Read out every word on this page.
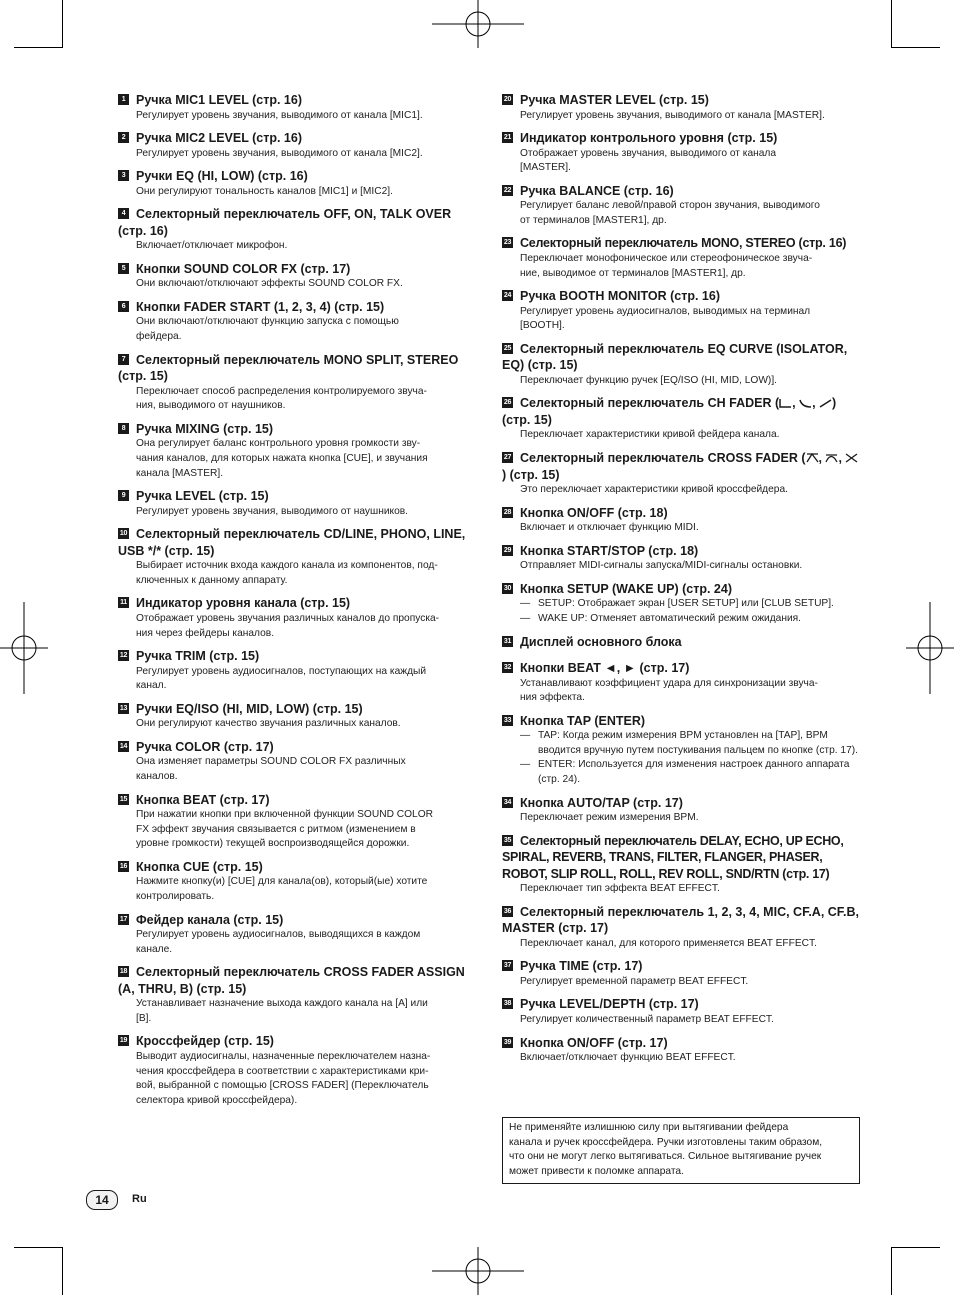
1 Ручка MIC1 LEVEL (стр. 16)
Регулирует уровень звучания, выводимого от канала [MIC1].
2 Ручка MIC2 LEVEL (стр. 16)
Регулирует уровень звучания, выводимого от канала [MIC2].
3 Ручки EQ (HI, LOW) (стр. 16)
Они регулируют тональность каналов [MIC1] и [MIC2].
4 Селекторный переключатель OFF, ON, TALK OVER (стр. 16)
Включает/отключает микрофон.
5 Кнопки SOUND COLOR FX (стр. 17)
Они включают/отключают эффекты SOUND COLOR FX.
6 Кнопки FADER START (1, 2, 3, 4) (стр. 15)
Они включают/отключают функцию запуска с помощью
фейдера.
7 Селекторный переключатель MONO SPLIT, STEREO (стр. 15)
Переключает способ распределения контролируемого звуча-
ния, выводимого от наушников.
8 Ручка MIXING (стр. 15)
Она регулирует баланс контрольного уровня громкости зву-
чания каналов, для которых нажата кнопка [CUE], и звучания
канала [MASTER].
9 Ручка LEVEL (стр. 15)
Регулирует уровень звучания, выводимого от наушников.
10 Селекторный переключатель CD/LINE, PHONO, LINE, USB */* (стр. 15)
Выбирает источник входа каждого канала из компонентов, под-
ключенных к данному аппарату.
11 Индикатор уровня канала (стр. 15)
Отображает уровень звучания различных каналов до пропуска-
ния через фейдеры каналов.
12 Ручка TRIM (стр. 15)
Регулирует уровень аудиосигналов, поступающих на каждый
канал.
13 Ручки EQ/ISO (HI, MID, LOW) (стр. 15)
Они регулируют качество звучания различных каналов.
14 Ручка COLOR (стр. 17)
Она изменяет параметры SOUND COLOR FX различных
каналов.
15 Кнопка BEAT (стр. 17)
При нажатии кнопки при включенной функции SOUND COLOR
FX эффект звучания связывается с ритмом (изменением в
уровне громкости) текущей воспроизводящейся дорожки.
16 Кнопка CUE (стр. 15)
Нажмите кнопку(и) [CUE] для канала(ов), который(ые) хотите
контролировать.
17 Фейдер канала (стр. 15)
Регулирует уровень аудиосигналов, выводящихся в каждом
канале.
18 Селекторный переключатель CROSS FADER ASSIGN (A, THRU, B) (стр. 15)
Устанавливает назначение выхода каждого канала на [A] или
[B].
19 Кроссфейдер (стр. 15)
Выводит аудиосигналы, назначенные переключателем назна-
чения кроссфейдера в соответствии с характеристиками кри-
вой, выбранной с помощью [CROSS FADER] (Переключатель
селектора кривой кроссфейдера).
20 Ручка MASTER LEVEL (стр. 15)
Регулирует уровень звучания, выводимого от канала [MASTER].
21 Индикатор контрольного уровня (стр. 15)
Отображает уровень звучания, выводимого от канала
[MASTER].
22 Ручка BALANCE (стр. 16)
Регулирует баланс левой/правой сторон звучания, выводимого
от терминалов [MASTER1], др.
23 Селекторный переключатель MONO, STEREO (стр. 16)
Переключает монофоническое или стереофоническое звуча-
ние, выводимое от терминалов [MASTER1], др.
24 Ручка BOOTH MONITOR (стр. 16)
Регулирует уровень аудиосигналов, выводимых на терминал
[BOOTH].
25 Селекторный переключатель EQ CURVE (ISOLATOR, EQ) (стр. 15)
Переключает функцию ручек [EQ/ISO (HI, MID, LOW)].
26 Селекторный переключатель CH FADER ( , , ) (стр. 15)
Переключает характеристики кривой фейдера канала.
27 Селекторный переключатель CROSS FADER ( , , ) (стр. 15)
Это переключает характеристики кривой кроссфейдера.
28 Кнопка ON/OFF (стр. 18)
Включает и отключает функцию MIDI.
29 Кнопка START/STOP (стр. 18)
Отправляет MIDI-сигналы запуска/MIDI-сигналы остановки.
30 Кнопка SETUP (WAKE UP) (стр. 24)
— SETUP: Отображает экран [USER SETUP] или [CLUB SETUP].
— WAKE UP: Отменяет автоматический режим ожидания.
31 Дисплей основного блока
32 Кнопки BEAT ◄, ► (стр. 17)
Устанавливают коэффициент удара для синхронизации звуча-
ния эффекта.
33 Кнопка TAP (ENTER)
— TAP: Когда режим измерения BPM установлен на [TAP], BPM вводится вручную путем постукивания пальцем по кнопке (стр. 17).
— ENTER: Используется для изменения настроек данного аппарата (стр. 24).
34 Кнопка AUTO/TAP (стр. 17)
Переключает режим измерения BPM.
35 Селекторный переключатель DELAY, ECHO, UP ECHO, SPIRAL, REVERB, TRANS, FILTER, FLANGER, PHASER, ROBOT, SLIP ROLL, ROLL, REV ROLL, SND/RTN (стр. 17)
Переключает тип эффекта BEAT EFFECT.
36 Селекторный переключатель 1, 2, 3, 4, MIC, CF.A, CF.B, MASTER (стр. 17)
Переключает канал, для которого применяется BEAT EFFECT.
37 Ручка TIME (стр. 17)
Регулирует временной параметр BEAT EFFECT.
38 Ручка LEVEL/DEPTH (стр. 17)
Регулирует количественный параметр BEAT EFFECT.
39 Кнопка ON/OFF (стр. 17)
Включает/отключает функцию BEAT EFFECT.
Не применяйте излишнюю силу при вытягивании фейдера
канала и ручек кроссфейдера. Ручки изготовлены таким образом,
что они не могут легко вытягиваться. Сильное вытягивание ручек
может привести к поломке аппарата.
14	Ru
